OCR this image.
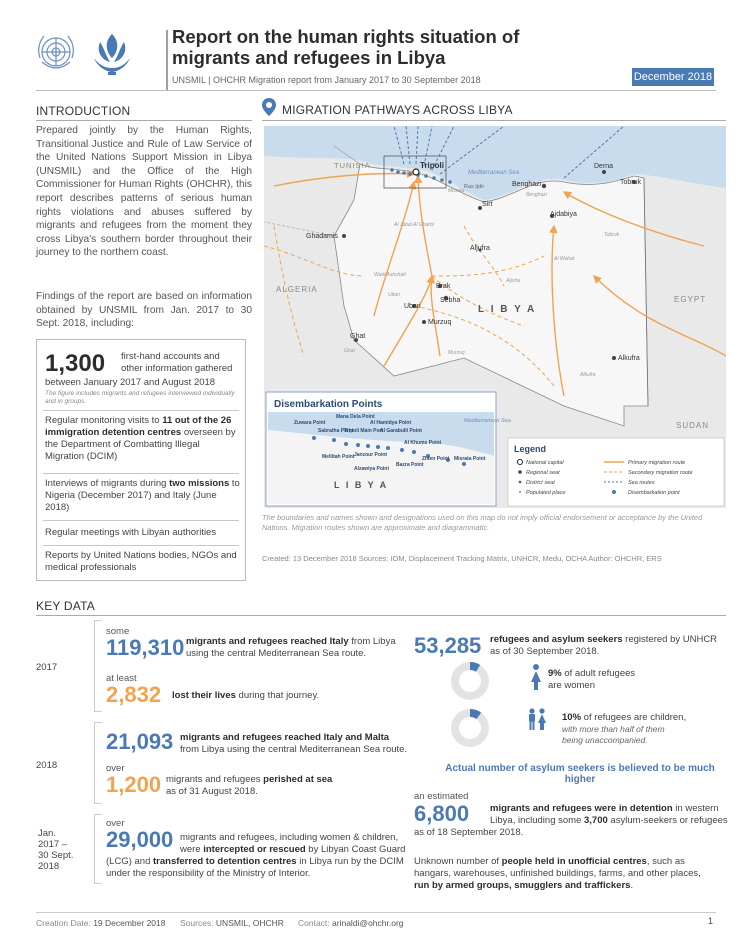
Report on the human rights situation of migrants and refugees in Libya
UNSMIL | OHCHR Migration report from January 2017 to 30 September 2018	December 2018
INTRODUCTION
Prepared jointly by the Human Rights, Transitional Justice and Rule of Law Service of the United Nations Support Mission in Libya (UNSMIL) and the Office of the High Commissioner for Human Rights (OHCHR), this report describes patterns of serious human rights violations and abuses suffered by migrants and refugees from the moment they cross Libya's southern border throughout their journey to the northern coast.
Findings of the report are based on information obtained by UNSMIL from Jan. 2017 to 30 Sept. 2018, including:
1,300 first-hand accounts and other information gathered
between January 2017 and August 2018
The figure includes migrants and refugees interviewed individually and in groups.
Regular monitoring visits to 11 out of the 26 immigration detention centres overseen by the Department of Combatting Illegal Migration (DCIM)
Interviews of migrants during two missions to Nigeria (December 2017) and Italy (June 2018)
Regular meetings with Libyan authorities
Reports by United Nations bodies, NGOs and medical professionals
MIGRATION PATHWAYS ACROSS LIBYA
TUNISIA
ALGERIA
EGYPT
SUDAN
L I B Y A
Mediterranean Sea
Tripoli	Derna
Tobruk
Benghazi
Sirt
Ajdabiya
Ghadamis
Aljufra
Brak
Sebha
Ubari
Murzuq
Ghat
Alkufra
Ras Ijdir
Wadi Ashshati
Tobruk
Murzuq
Alkufra
Aljufra
Ubari
Ghat
Al Jabal Al Gharbi
Al Wahat
Misrata
Benghazi
Disembarkation Points
Mediterranean Sea
L I B Y A
Zuwara Point
Mana Dela Point
Al Hamidya Point
Sabratha Point
Tripoli Main Port
Al Garabulli Point
Mellitah Point Janzour Point
Al Khums Point
Alzawiya Point
Bazra Point
Zliten Point Misrata Point
Legend
National capital
Regional seat
District seat
Populated place
Primary migration route
Secondary migration route
Sea routes
Disembarkation point
The boundaries and names shown and designations used on this map do not imply official endorsement or acceptance by the United Nations. Migration routes shown are approximate and diagrammatic.
Created: 13 December 2018 Sources: IOM, Displacement Tracking Matrix, UNHCR, Medu, OCHA Author: OHCHR, ERS
KEY DATA
2017
some
119,310 migrants and refugees reached Italy from Libya using the central Mediterranean Sea route.
at least
2,832 lost their lives during that journey.
2018
21,093 migrants and refugees reached Italy and Malta
from Libya using the central Mediterranean Sea route.
over
1,200 migrants and refugees perished at sea
as of 31 August 2018.
Jan.
2017 –
30 Sept.
2018
over
29,000 migrants and refugees, including women & children,
were intercepted or rescued by Libyan Coast Guard
(LCG) and transferred to detention centres in Libya run by the DCIM
under the responsibility of the Ministry of Interior.
53,285 refugees and asylum seekers registered by UNHCR
as of 30 September 2018.
9% of adult refugees
are women
10% of refugees are children,
with more than half of them
being unaccompanied.
Actual number of asylum seekers is believed to be much higher
an estimated
6,800 migrants and refugees were in detention in western
Libya, including some 3,700 asylum-seekers or refugees
as of 18 September 2018.
Unknown number of people held in unofficial centres, such as
hangars, warehouses, unfinished buildings, farms, and other places,
run by armed groups, smugglers and traffickers.
Creation Date: 19 December 2018 Sources: UNSMIL, OHCHR Contact: arinaldi@ohchr.org	1
